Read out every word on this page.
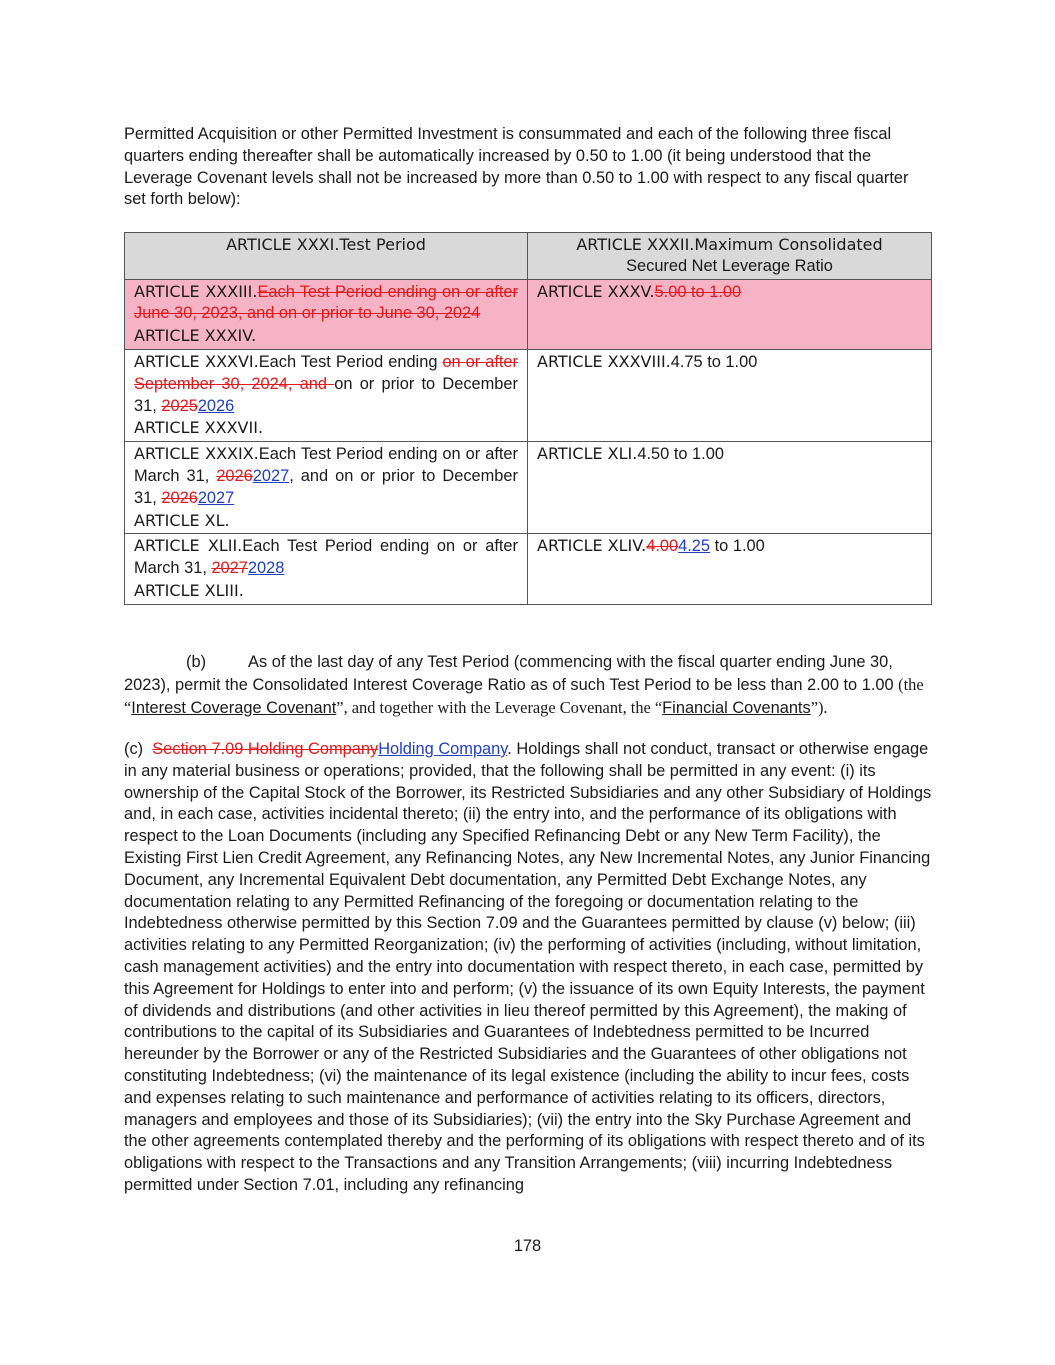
Permitted Acquisition or other Permitted Investment is consummated and each of the following three fiscal quarters ending thereafter shall be automatically increased by 0.50 to 1.00 (it being understood that the Leverage Covenant levels shall not be increased by more than 0.50 to 1.00 with respect to any fiscal quarter set forth below):
ARTICLE XXXI.Test Period	ARTICLE XXXII.Maximum Consolidated
Secured Net Leverage Ratio

ARTICLE XXXIII.Each Test Period ending on or after June 30, 2023, and on or prior to June 30, 2024
ARTICLE XXXIV.	ARTICLE XXXV.5.00 to 1.00
ARTICLE XXXVI.Each Test Period ending on or after September 30, 2024, and on or prior to December 31, 20252026
ARTICLE XXXVII.	ARTICLE XXXVIII.4.75 to 1.00
ARTICLE XXXIX.Each Test Period ending on or after March 31, 20262027, and on or prior to December 31, 20262027
ARTICLE XL.	ARTICLE XLI.4.50 to 1.00
ARTICLE XLII.Each Test Period ending on or after March 31, 20272028
ARTICLE XLIII.	ARTICLE XLIV.4.004.25 to 1.00
(b)	As of the last day of any Test Period (commencing with the fiscal quarter ending June 30, 2023), permit the Consolidated Interest Coverage Ratio as of such Test Period to be less than 2.00 to 1.00 (the “Interest Coverage Covenant”, and together with the Leverage Covenant, the “Financial Covenants”).
(c) Section 7.09 Holding CompanyHolding Company. Holdings shall not conduct, transact or otherwise engage in any material business or operations; provided, that the following shall be permitted in any event: (i) its ownership of the Capital Stock of the Borrower, its Restricted Subsidiaries and any other Subsidiary of Holdings and, in each case, activities incidental thereto; (ii) the entry into, and the performance of its obligations with respect to the Loan Documents (including any Specified Refinancing Debt or any New Term Facility), the Existing First Lien Credit Agreement, any Refinancing Notes, any New Incremental Notes, any Junior Financing Document, any Incremental Equivalent Debt documentation, any Permitted Debt Exchange Notes, any documentation relating to any Permitted Refinancing of the foregoing or documentation relating to the Indebtedness otherwise permitted by this Section 7.09 and the Guarantees permitted by clause (v) below; (iii) activities relating to any Permitted Reorganization; (iv) the performing of activities (including, without limitation, cash management activities) and the entry into documentation with respect thereto, in each case, permitted by this Agreement for Holdings to enter into and perform; (v) the issuance of its own Equity Interests, the payment of dividends and distributions (and other activities in lieu thereof permitted by this Agreement), the making of contributions to the capital of its Subsidiaries and Guarantees of Indebtedness permitted to be Incurred hereunder by the Borrower or any of the Restricted Subsidiaries and the Guarantees of other obligations not constituting Indebtedness; (vi) the maintenance of its legal existence (including the ability to incur fees, costs and expenses relating to such maintenance and performance of activities relating to its officers, directors, managers and employees and those of its Subsidiaries); (vii) the entry into the Sky Purchase Agreement and the other agreements contemplated thereby and the performing of its obligations with respect thereto and of its obligations with respect to the Transactions and any Transition Arrangements; (viii) incurring Indebtedness permitted under Section 7.01, including any refinancing
178
